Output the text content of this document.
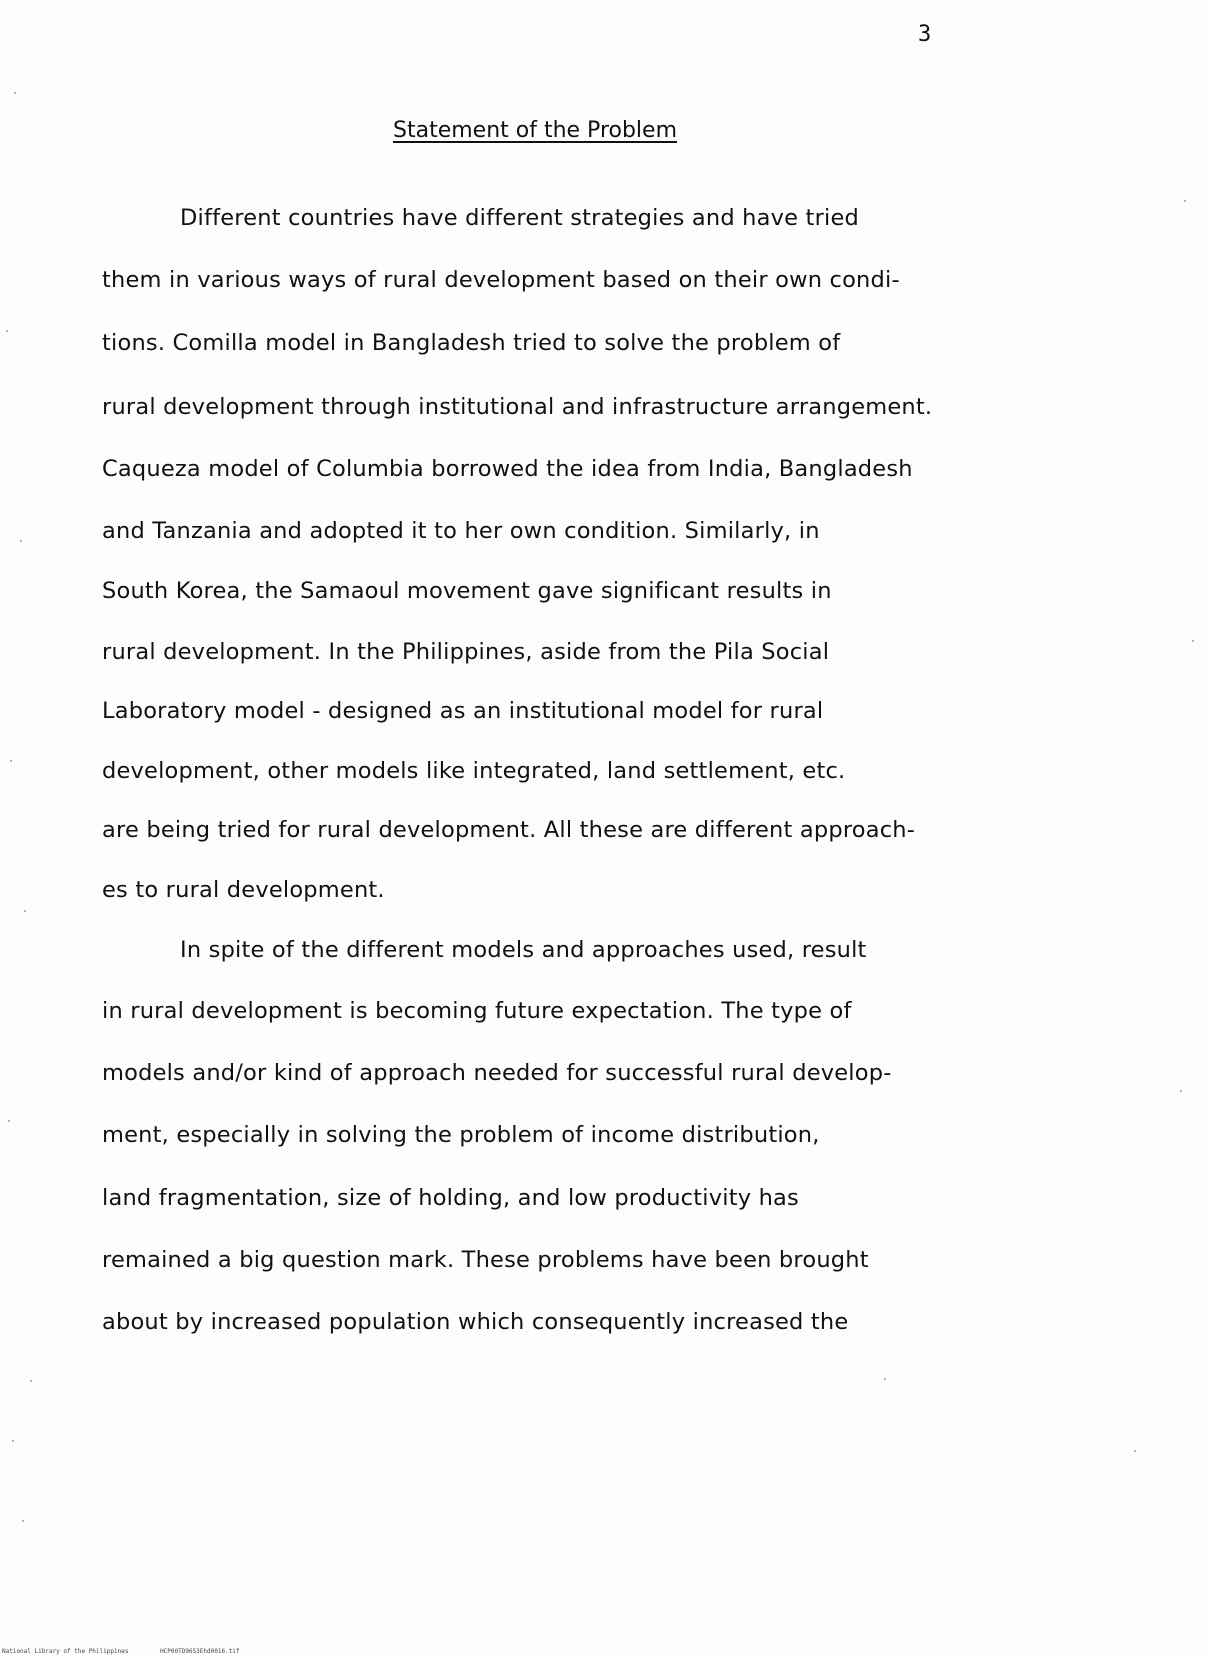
3
Statement of the Problem
Different countries have different strategies and have tried
them in various ways of rural development based on their own condi-
tions. Comilla model in Bangladesh tried to solve the problem of
rural development through institutional and infrastructure arrangement.
Caqueza model of Columbia borrowed the idea from India, Bangladesh
and Tanzania and adopted it to her own condition. Similarly, in
South Korea, the Samaoul movement gave significant results in
rural development. In the Philippines, aside from the Pila Social
Laboratory model - designed as an institutional model for rural
development, other models like integrated, land settlement, etc.
are being tried for rural development. All these are different approach-
es to rural development.
In spite of the different models and approaches used, result
in rural development is becoming future expectation. The type of
models and/or kind of approach needed for successful rural develop-
ment, especially in solving the problem of income distribution,
land fragmentation, size of holding, and low productivity has
remained a big question mark. These problems have been brought
about by increased population which consequently increased the
National Library of the Philippines	HCP00TD9653Ehd0016.tif
